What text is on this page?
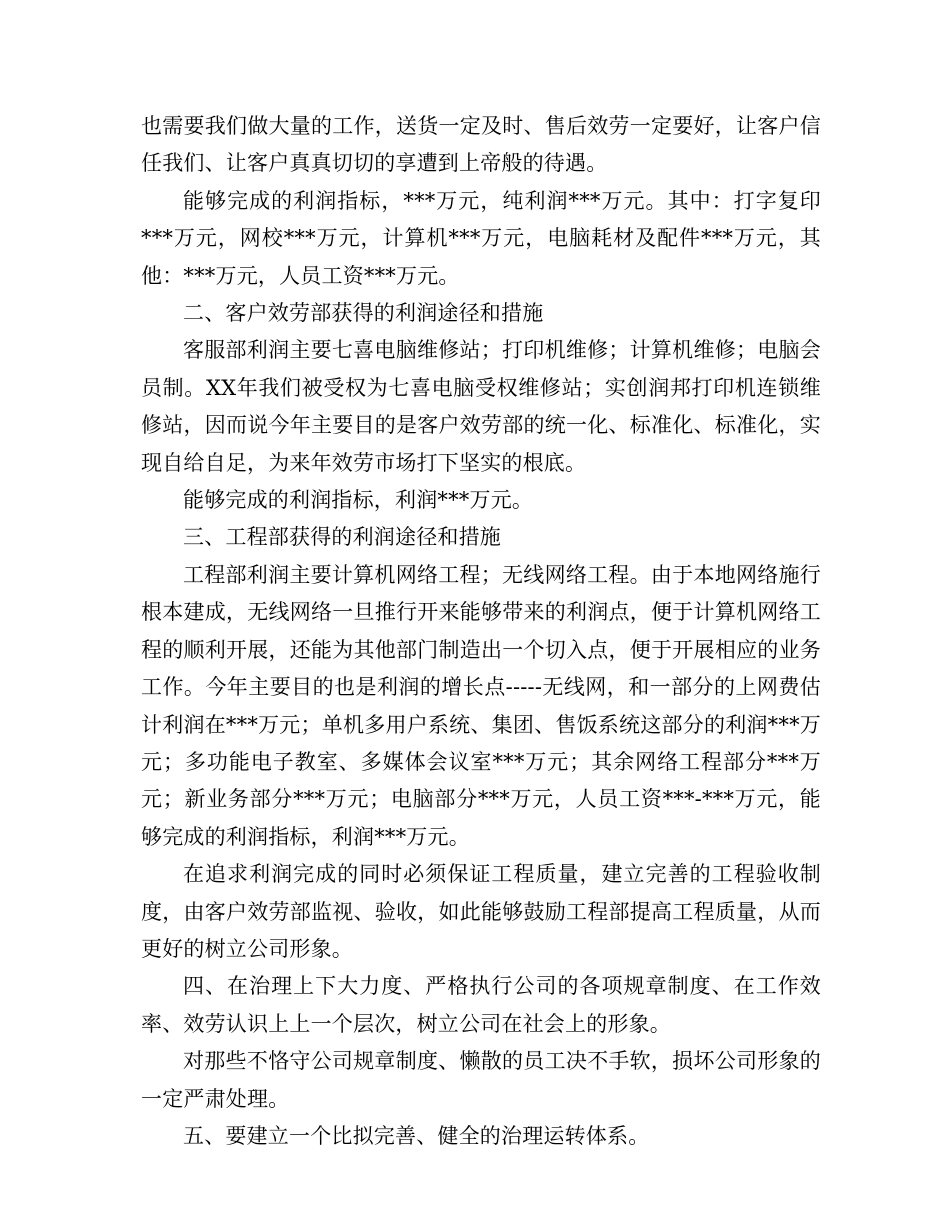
也需要我们做大量的工作，送货一定及时、售后效劳一定要好，让客户信任我们、让客户真真切切的享遭到上帝般的待遇。

能够完成的利润指标，***万元，纯利润***万元。其中：打字复印***万元，网校***万元，计算机***万元，电脑耗材及配件***万元，其他：***万元，人员工资***万元。

二、客户效劳部获得的利润途径和措施

客服部利润主要七喜电脑维修站；打印机维修；计算机维修；电脑会员制。XX年我们被受权为七喜电脑受权维修站；实创润邦打印机连锁维修站，因而说今年主要目的是客户效劳部的统一化、标准化、标准化，实现自给自足，为来年效劳市场打下坚实的根底。

能够完成的利润指标，利润***万元。

三、工程部获得的利润途径和措施

工程部利润主要计算机网络工程；无线网络工程。由于本地网络施行根本建成，无线网络一旦推行开来能够带来的利润点，便于计算机网络工程的顺利开展，还能为其他部门制造出一个切入点，便于开展相应的业务工作。今年主要目的也是利润的增长点-----无线网，和一部分的上网费估计利润在***万元；单机多用户系统、集团、售饭系统这部分的利润***万元；多功能电子教室、多媒体会议室***万元；其余网络工程部分***万元；新业务部分***万元；电脑部分***万元，人员工资***-***万元，能够完成的利润指标，利润***万元。

在追求利润完成的同时必须保证工程质量，建立完善的工程验收制度，由客户效劳部监视、验收，如此能够鼓励工程部提高工程质量，从而更好的树立公司形象。

四、在治理上下大力度、严格执行公司的各项规章制度、在工作效率、效劳认识上上一个层次，树立公司在社会上的形象。

对那些不恪守公司规章制度、懒散的员工决不手软，损坏公司形象的一定严肃处理。

五、要建立一个比拟完善、健全的治理运转体系。
